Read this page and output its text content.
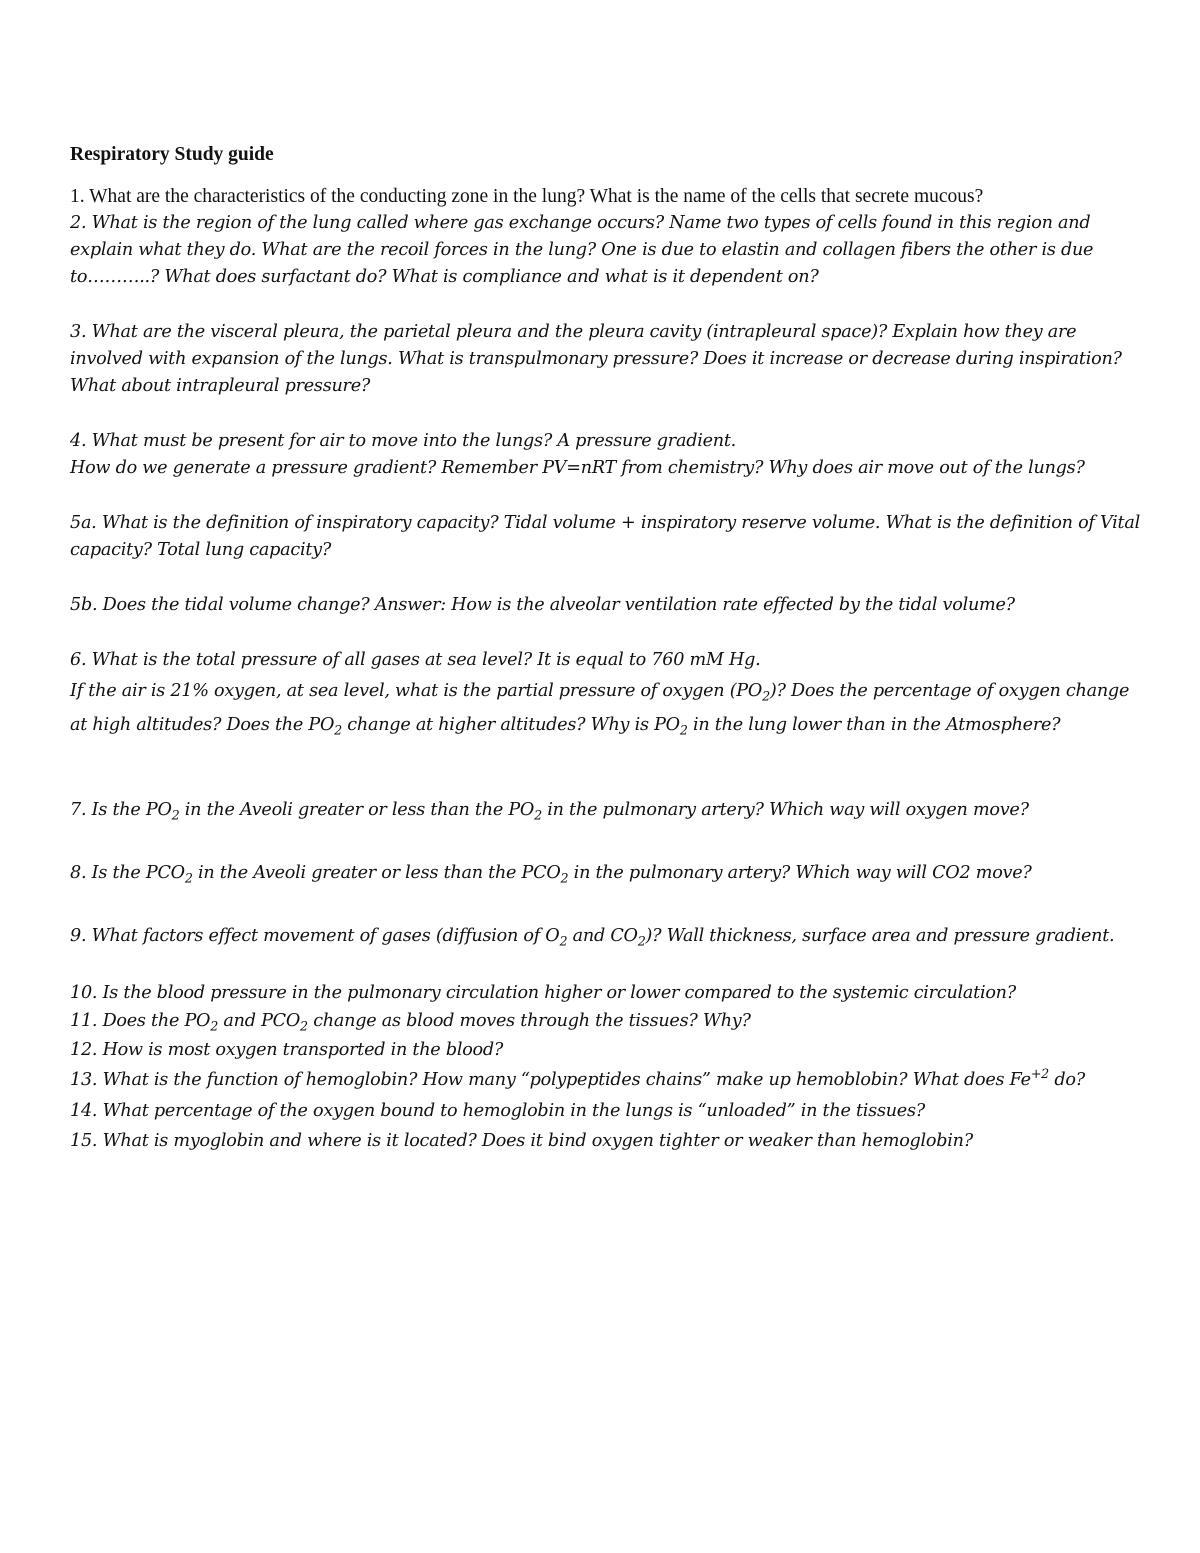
Respiratory Study guide

1. What are the characteristics of the conducting zone in the lung? What is the name of the cells that secrete mucous?

2. What is the region of the lung called where gas exchange occurs? Name two types of cells found in this region and explain what they do. What are the recoil forces in the lung? One is due to elastin and collagen fibers the other is due to………..? What does surfactant do? What is compliance and what is it dependent on?

3. What are the visceral pleura, the parietal pleura and the pleura cavity (intrapleural space)? Explain how they are involved with expansion of the lungs. What is transpulmonary pressure? Does it increase or decrease during inspiration? What about intrapleural pressure?

4. What must be present for air to move into the lungs? A pressure gradient.

How do we generate a pressure gradient? Remember PV=nRT from chemistry? Why does air move out of the lungs?

5a. What is the definition of inspiratory capacity? Tidal volume + inspiratory reserve volume. What is the definition of Vital capacity? Total lung capacity?

5b. Does the tidal volume change? Answer: How is the alveolar ventilation rate effected by the tidal volume?

6. What is the total pressure of all gases at sea level? It is equal to 760 mM Hg.

If the air is 21% oxygen, at sea level, what is the partial pressure of oxygen $(PO_2)$? Does the percentage of oxygen change at high altitudes? Does the $PO_2$ change at higher altitudes? Why is $PO_2$ in the lung lower than in the Atmosphere?

7. Is the $PO_2$ in the Aveoli greater or less than the $PO_2$ in the pulmonary artery? Which way will oxygen move?

8. Is the $PCO_2$ in the Aveoli greater or less than the $PCO_2$ in the pulmonary artery? Which way will CO2 move?

9. What factors effect movement of gases (diffusion of $O_2$ and $CO_2$)? Wall thickness, surface area and pressure gradient.

10. Is the blood pressure in the pulmonary circulation higher or lower compared to the systemic circulation?

11. Does the $PO_2$ and $PCO_2$ change as blood moves through the tissues? Why?

12. How is most oxygen transported in the blood?

13. What is the function of hemoglobin? How many “polypeptides chains” make up hemoblobin? What does $Fe^{+2}$ do?

14. What percentage of the oxygen bound to hemoglobin in the lungs is “unloaded” in the tissues?

15. What is myoglobin and where is it located? Does it bind oxygen tighter or weaker than hemoglobin?
